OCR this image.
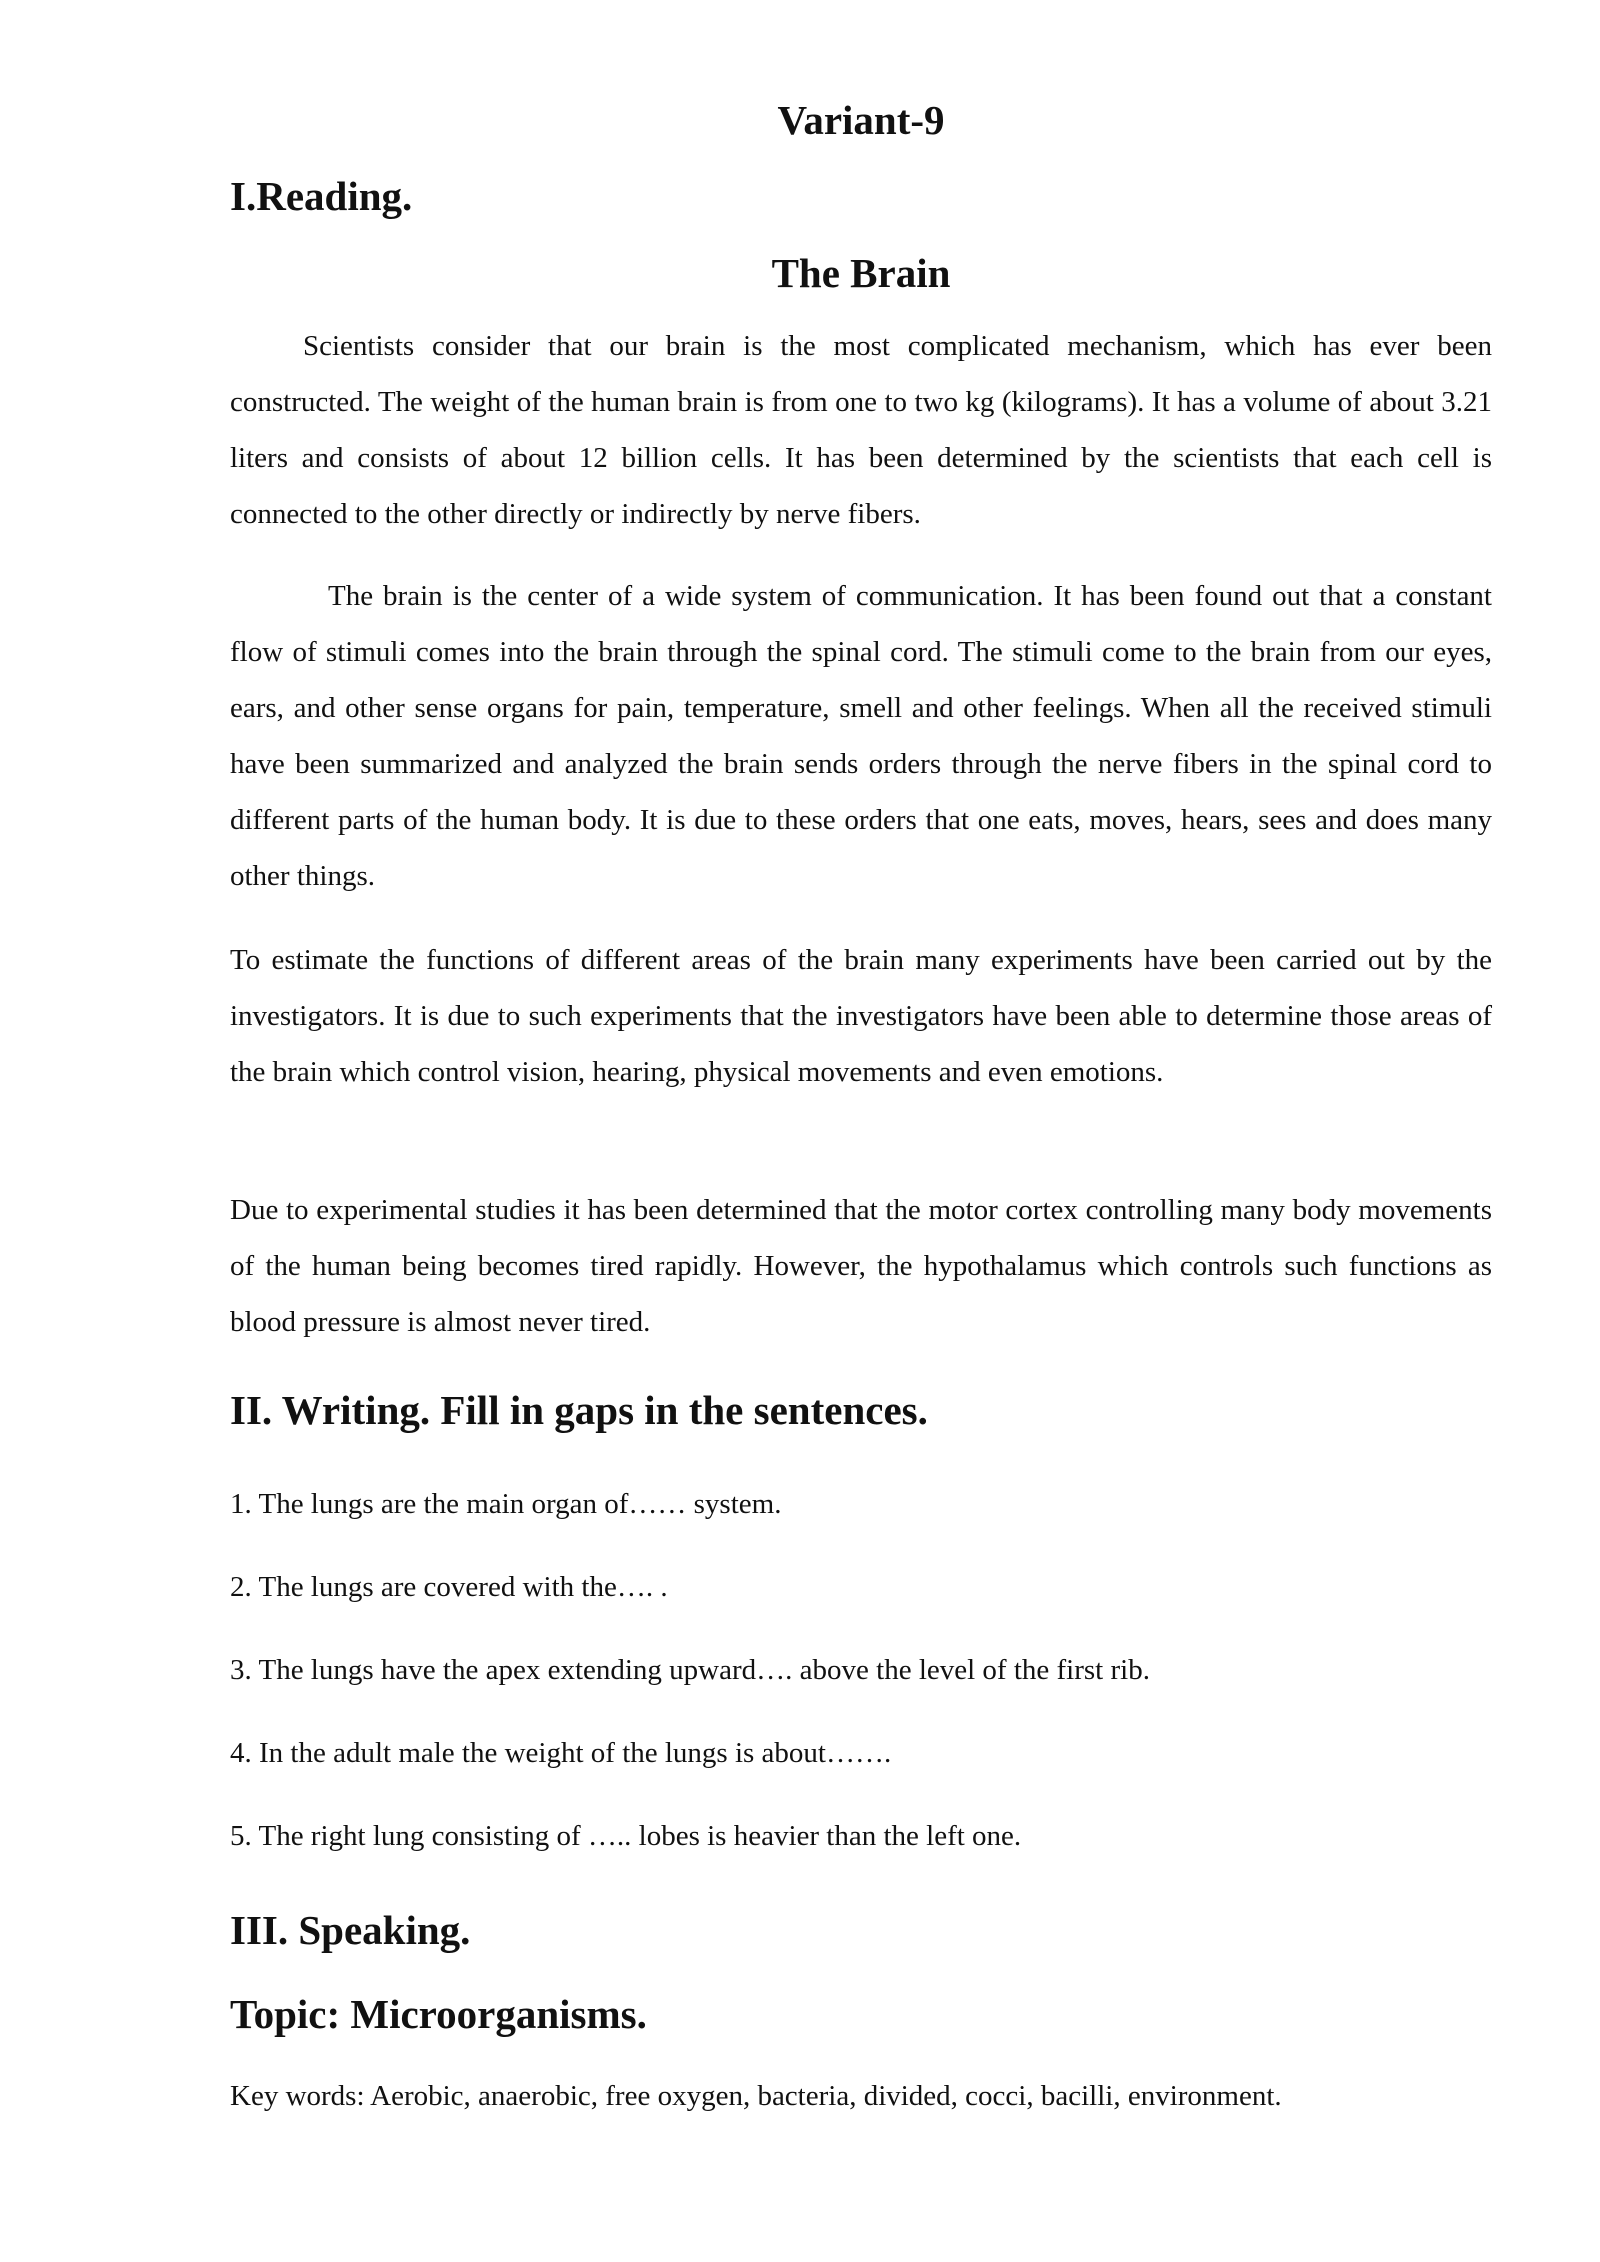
Variant-9
I.Reading.
The Brain

Scientists consider that our brain is the most complicated mechanism, which has ever been constructed. The weight of the human brain is from one to two kg (kilograms). It has a volume of about 3.21 liters and consists of about 12 billion cells. It has been determined by the scientists that each cell is connected to the other directly or indirectly by nerve fibers.

The brain is the center of a wide system of communication. It has been found out that a constant flow of stimuli comes into the brain through the spinal cord. The stimuli come to the brain from our eyes, ears, and other sense organs for pain, temperature, smell and other feelings. When all the received stimuli have been summarized and analyzed the brain sends orders through the nerve fibers in the spinal cord to different parts of the human body. It is due to these orders that one eats, moves, hears, sees and does many other things.

To estimate the functions of different areas of the brain many experiments have been carried out by the investigators. It is due to such experiments that the investigators have been able to determine those areas of the brain which control vision, hearing, physical movements and even emotions.

Due to experimental studies it has been determined that the motor cortex controlling many body movements of the human being becomes tired rapidly. However, the hypothalamus which controls such functions as blood pressure is almost never tired.

II. Writing. Fill in gaps in the sentences.
1. The lungs are the main organ of…… system.
2. The lungs are covered with the…. .
3. The lungs have the apex extending upward…. above the level of the first rib.
4. In the adult male the weight of the lungs is about…….
5. The right lung consisting of ….. lobes is heavier than the left one.
III. Speaking.
Topic: Microorganisms.
Key words: Aerobic, anaerobic, free oxygen, bacteria, divided, cocci, bacilli, environment.
